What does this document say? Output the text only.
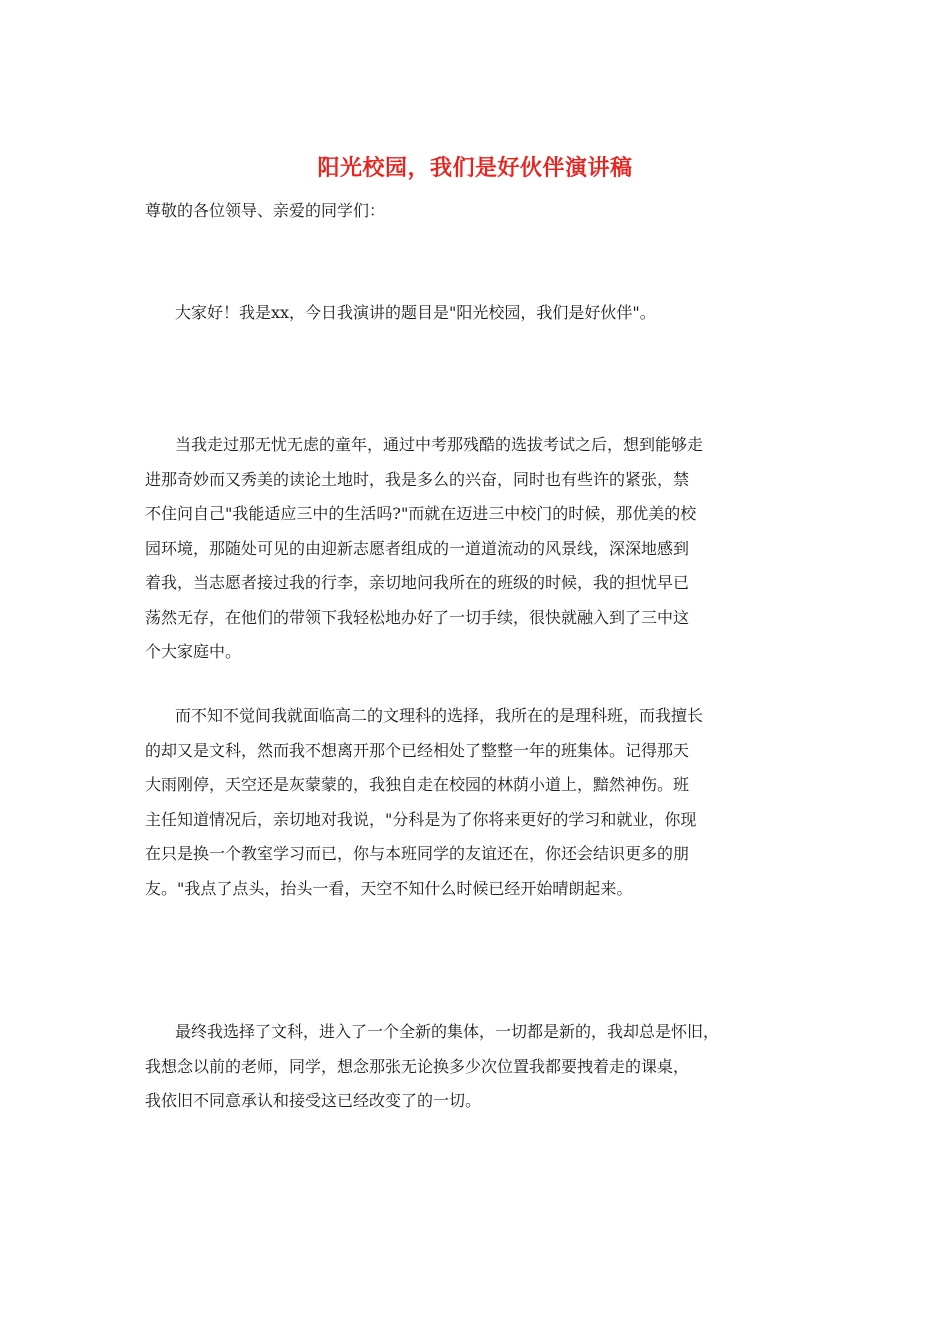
阳光校园，我们是好伙伴演讲稿
尊敬的各位领导、亲爱的同学们：
大家好！我是xx，今日我演讲的题目是"阳光校园，我们是好伙伴"。
当我走过那无忧无虑的童年，通过中考那残酷的选拔考试之后，想到能够走
进那奇妙而又秀美的读论土地时，我是多么的兴奋，同时也有些许的紧张，禁
不住问自己"我能适应三中的生活吗?"而就在迈进三中校门的时候，那优美的校
园环境，那随处可见的由迎新志愿者组成的一道道流动的风景线，深深地感到
着我，当志愿者接过我的行李，亲切地问我所在的班级的时候，我的担忧早已
荡然无存，在他们的带领下我轻松地办好了一切手续，很快就融入到了三中这
个大家庭中。
而不知不觉间我就面临高二的文理科的选择，我所在的是理科班，而我擅长
的却又是文科，然而我不想离开那个已经相处了整整一年的班集体。记得那天
大雨刚停，天空还是灰蒙蒙的，我独自走在校园的林荫小道上，黯然神伤。班
主任知道情况后，亲切地对我说，"分科是为了你将来更好的学习和就业，你现
在只是换一个教室学习而已，你与本班同学的友谊还在，你还会结识更多的朋
友。"我点了点头，抬头一看，天空不知什么时候已经开始晴朗起来。
最终我选择了文科，进入了一个全新的集体，一切都是新的，我却总是怀旧，
我想念以前的老师，同学，想念那张无论换多少次位置我都要拽着走的课桌，
我依旧不同意承认和接受这已经改变了的一切。
